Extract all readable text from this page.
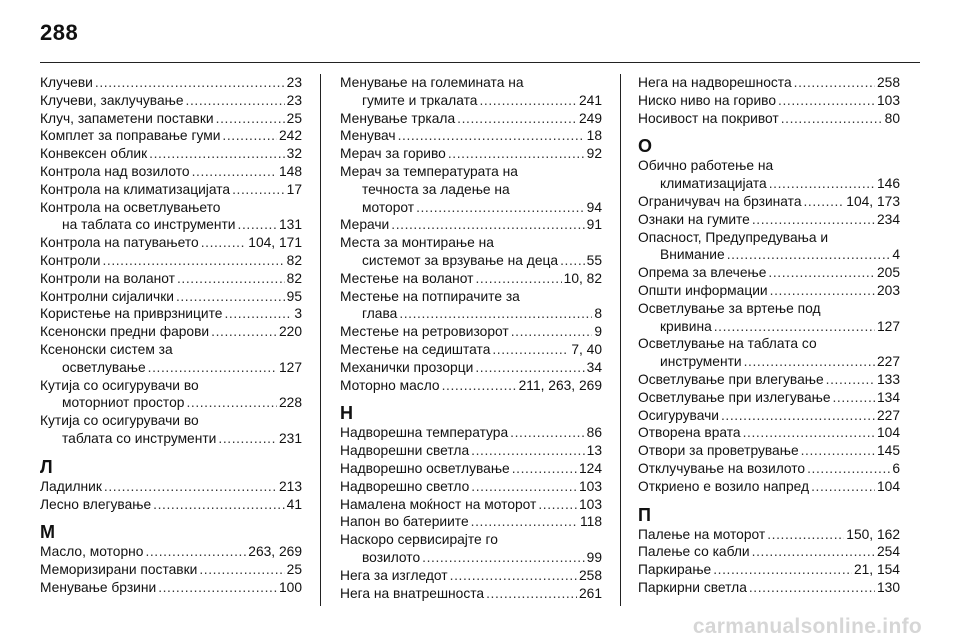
288
Клучеви .....	23
Клучеви, заклучување .....	23
Клуч, запаметени поставки .....	25
Комплет за поправање гуми .....	242
Конвексен облик .....	32
Контрола над возилото .....	148
Контрола на климатизацијата .....	17
Контрола на осветлувањето
на таблата со инструменти .....	131
Контрола на патувањето .....	104, 171
Контроли .....	82
Контроли на воланот .....	82
Контролни сијалички .....	95
Користење на приврзниците .....	3
Ксенонски предни фарови .....	220
Ксенонски систем за
осветлување .....	127
Кутија со осигурувачи во
моторниот простор .....	228
Кутија со осигурувачи во
таблата со инструменти .....	231
Л
Ладилник .....	213
Лесно влегување .....	41
М
Масло, моторно .....	263, 269
Меморизирани поставки .....	25
Менување брзини .....	100
Менување на големината на
гумите и тркалата .....	241
Менување тркала .....	249
Менувач .....	18
Мерач за гориво .....	92
Мерач за температурата на
течноста за ладење на
моторот .....	94
Мерачи .....	91
Места за монтирање на
системот за врзување на деца ..... 55
Местење на воланот .....	10, 82
Местење на потпирачите за
глава .....	8
Местење на ретровизорот .....	9
Местење на седиштата .....	7, 40
Механички прозорци .....	34
Моторно масло .....	211, 263, 269
Н
Надворешна температура .....	86
Надворешни светла .....	13
Надворешно осветлување .....	124
Надворешно светло .....	103
Намалена моќност на моторот .....	103
Напон во батериите .....	118
Наскоро сервисирајте го
возилото .....	99
Нега за изгледот .....	258
Нега на внатрешноста .....	261
Нега на надворешноста .....	258
Ниско ниво на гориво .....	103
Носивост на покривот .....	80
О
Обично работење на
климатизацијата .....	146
Ограничувач на брзината .....	104, 173
Ознаки на гумите .....	234
Опасност, Предупредувања и
Внимание .....	4
Опрема за влечење .....	205
Општи информации .....	203
Осветлување за вртење под
кривина .....	127
Осветлување на таблата со
инструменти .....	227
Осветлување при влегување .....	133
Осветлување при излегување .....	134
Осигурувачи .....	227
Отворена врата .....	104
Отвори за проветрување .....	145
Отклучување на возилото .....	6
Откриено е возило напред .....	104
П
Палење на моторот .....	150, 162
Палење со кабли .....	254
Паркирање .....	21, 154
Паркирни светла .....	130
carmanualsonline.info
